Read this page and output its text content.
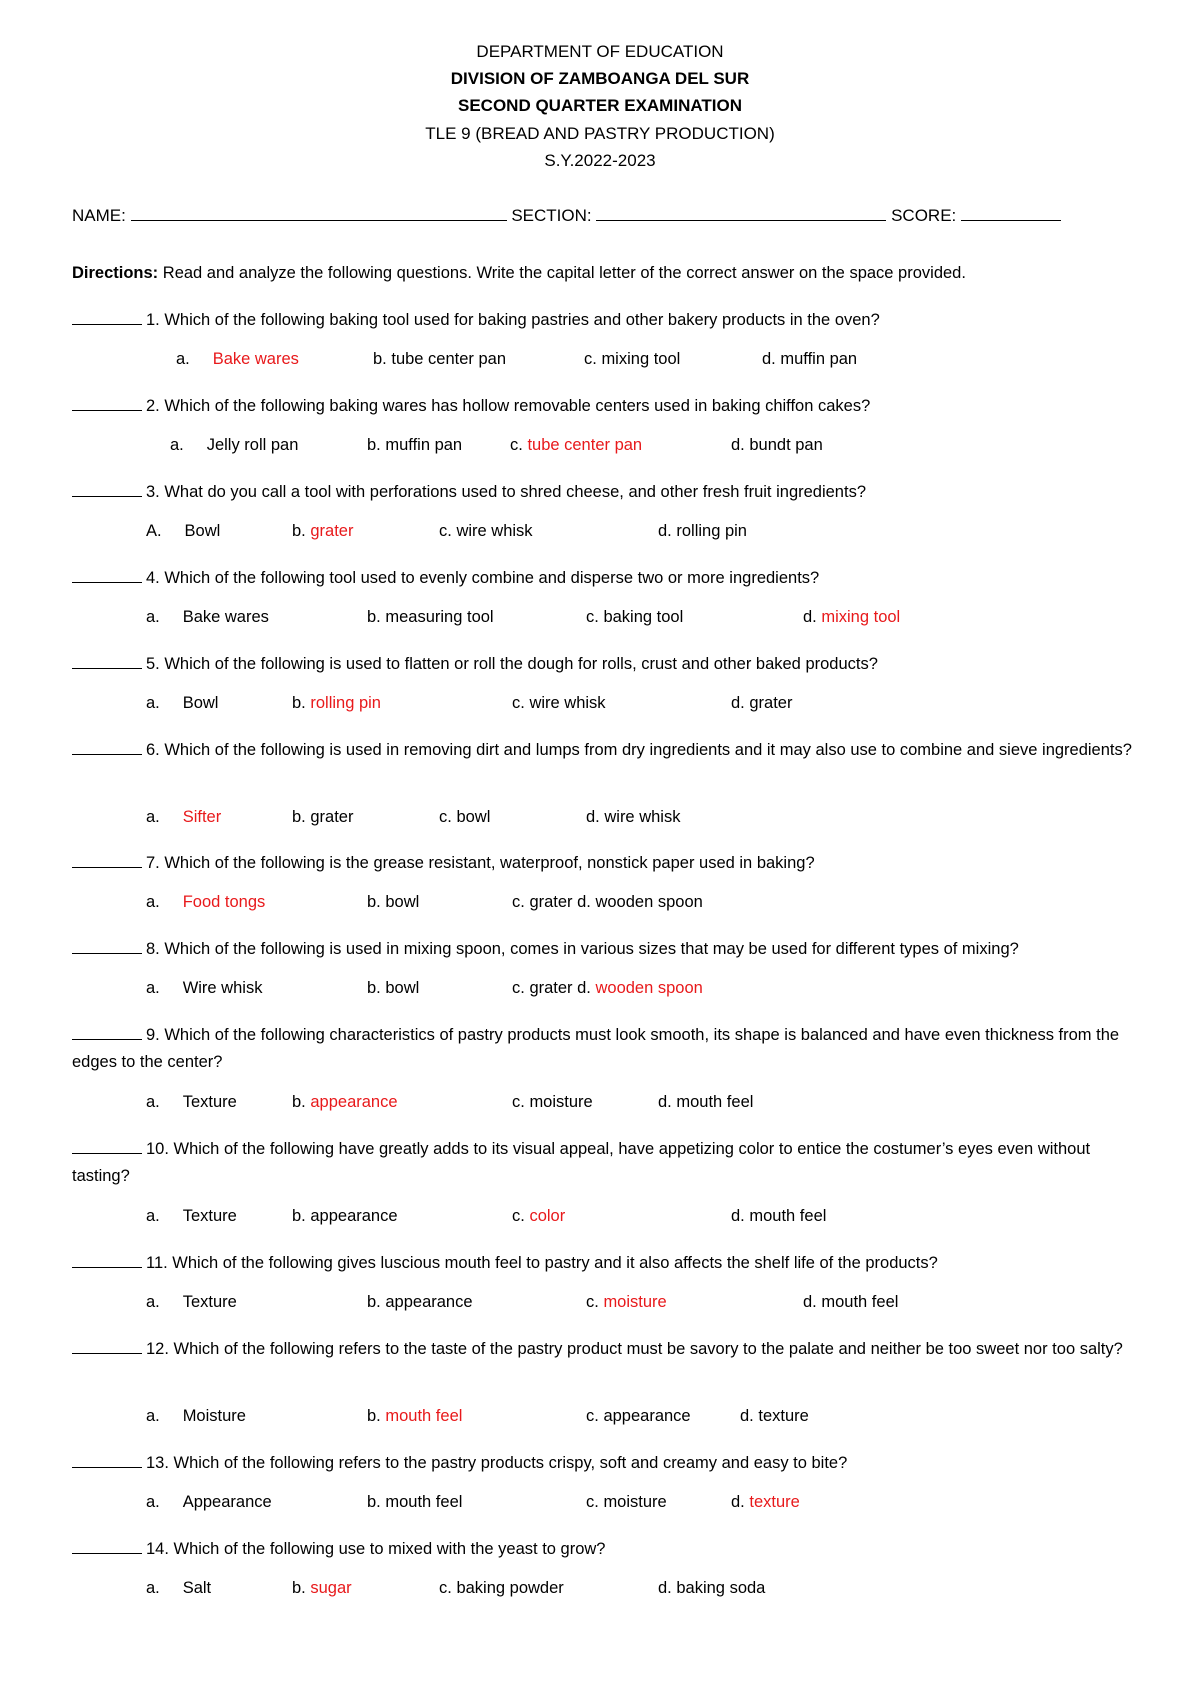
DEPARTMENT OF EDUCATION
DIVISION OF ZAMBOANGA DEL SUR
SECOND QUARTER EXAMINATION
TLE 9 (BREAD AND PASTRY PRODUCTION)
S.Y.2022-2023
NAME:	SECTION:	SCORE:
Directions: Read and analyze the following questions. Write the capital letter of the correct answer on the space provided.
1. Which of the following baking tool used for baking pastries and other bakery products in the oven?
a. Bake wares	b. tube center pan	c. mixing tool	d. muffin pan
2. Which of the following baking wares has hollow removable centers used in baking chiffon cakes?
a. Jelly roll pan	b. muffin pan	c. tube center pan	d. bundt pan
3. What do you call a tool with perforations used to shred cheese, and other fresh fruit ingredients?
A. Bowl	b. grater	c. wire whisk	d. rolling pin
4. Which of the following tool used to evenly combine and disperse two or more ingredients?
a. Bake wares	b. measuring tool	c. baking tool	d. mixing tool
5. Which of the following is used to flatten or roll the dough for rolls, crust and other baked products?
a. Bowl	b. rolling pin	c. wire whisk	d. grater
6. Which of the following is used in removing dirt and lumps from dry ingredients and it may also use to combine and sieve ingredients?
a. Sifter	b. grater	c. bowl	d. wire whisk
7. Which of the following is the grease resistant, waterproof, nonstick paper used in baking?
a. Food tongs	b. bowl	c. grater d. wooden spoon
8. Which of the following is used in mixing spoon, comes in various sizes that may be used for different types of mixing?
a. Wire whisk	b. bowl	c. grater d. wooden spoon
9. Which of the following characteristics of pastry products must look smooth, its shape is balanced and have even thickness from the edges to the center?
a. Texture	b. appearance	c. moisture	d. mouth feel
10. Which of the following have greatly adds to its visual appeal, have appetizing color to entice the costumer’s eyes even without tasting?
a. Texture	b. appearance	c. color	d. mouth feel
11. Which of the following gives luscious mouth feel to pastry and it also affects the shelf life of the products?
a. Texture	b. appearance	c. moisture	d. mouth feel
12. Which of the following refers to the taste of the pastry product must be savory to the palate and neither be too sweet nor too salty?
a. Moisture	b. mouth feel	c. appearance	d. texture
13. Which of the following refers to the pastry products crispy, soft and creamy and easy to bite?
a. Appearance	b. mouth feel	c. moisture	d. texture
14. Which of the following use to mixed with the yeast to grow?
a. Salt	b. sugar	c. baking powder	d. baking soda
